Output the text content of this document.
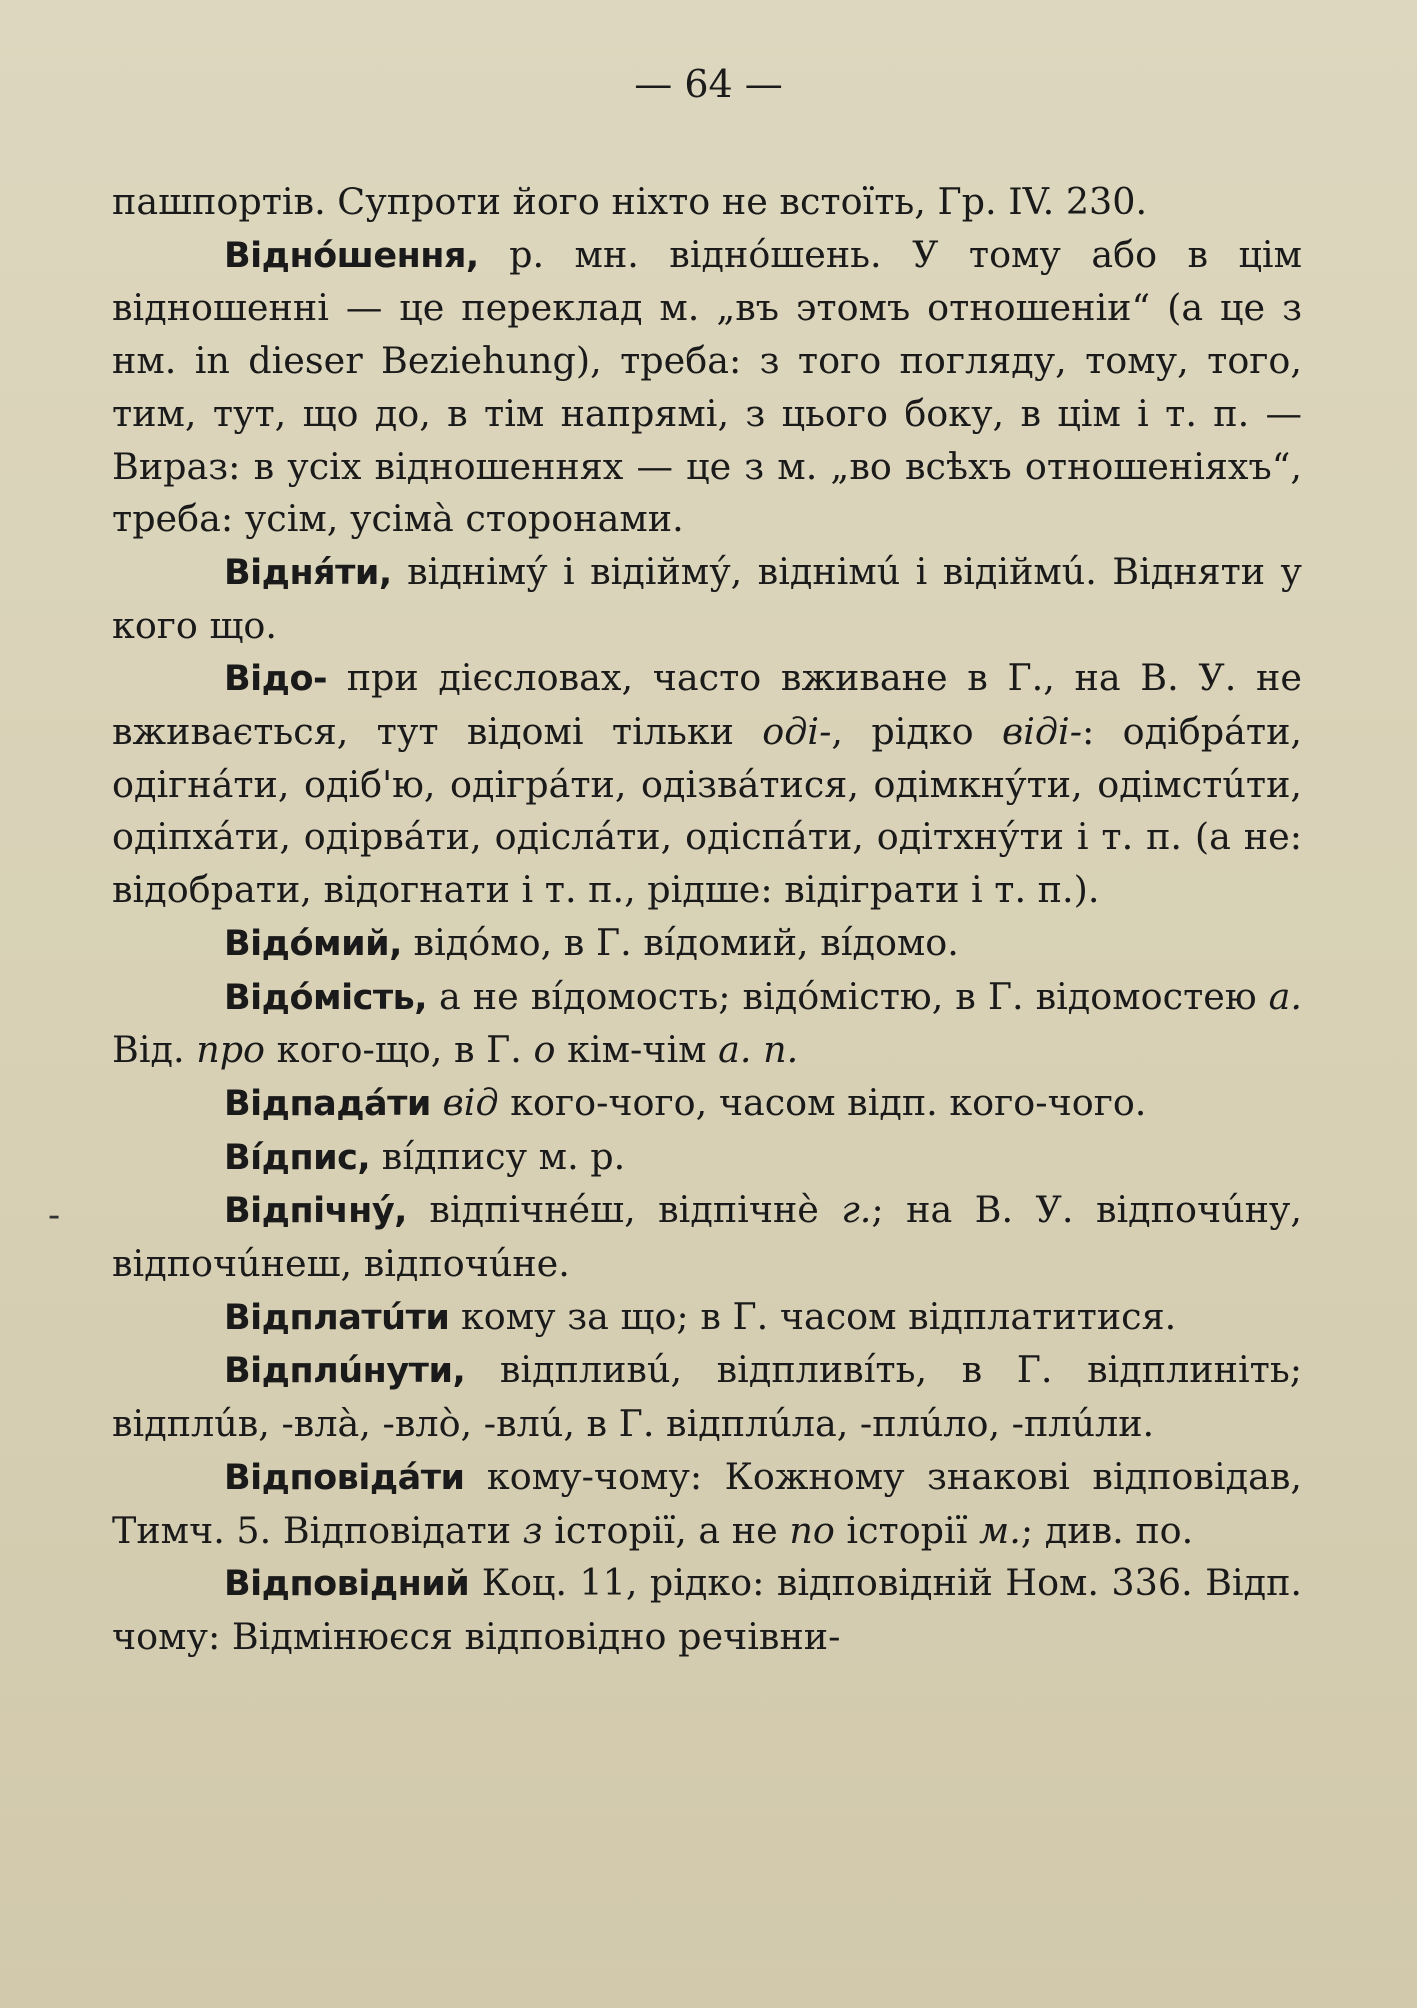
— 64 —
-

пашпортів. Супроти його ніхто не встоїть, Гр. IV. 230.

Віднóшення, р. мн. віднóшень. У тому або в цім відношенні — це переклад м. „въ этомъ отношеніи“ (а це з нм. in dieser Beziehung), треба: з того погляду, тому, того, тим, тут, що до, в тім напрямі, з цього боку, в цім і т. п. — Вираз: в усіх відношеннях — це з м. „во всѣхъ отношеніяхъ“, треба: усім, усімà сторонами.

Відня́ти, відніму́ і відійму́, віднімú і відіймú. Відняти у кого що.

Відо- при дієсловах, часто вживане в Г., на В. У. не вживається, тут відомі тільки оді-, рідко віді-: одібрáти, одігнáти, одіб'ю, одігрáти, одізвáтися, одімкну́ти, одімстúти, одіпхáти, одірвáти, одіслáти, одіспáти, одітхну́ти і т. п. (а не: відобрати, відогнати і т. п., рідше: відіграти і т. п.).

Відóмий, відóмо, в Г. вíдомий, вíдомо.

Відóмість, а не вíдомость; відóмістю, в Г. відомостею а. Від. про кого-що, в Г. о кім-чім а. п.

Відпадáти від кого-чого, часом відп. кого-чого.

Вíдпис, вíдпису м. р.

Відпічну́, відпічнéш, відпічнè г.; на В. У. відпочúну, відпочúнеш, відпочúне.

Відплатúти кому за що; в Г. часом відплатитися.

Відплúнути, відпливú, відпливíть, в Г. відплиніть; відплúв, -влà, -влò, -влú, в Г. відплúла, -плúло, -плúли.

Відповідáти кому-чому: Кожному знакові відповідав, Тимч. 5. Відповідати з історії, а не по історії м.; див. по.

Відповідний Коц. 11, рідко: відповідній Ном. 336. Відп. чому: Відмінюєся відповідно речівни-
